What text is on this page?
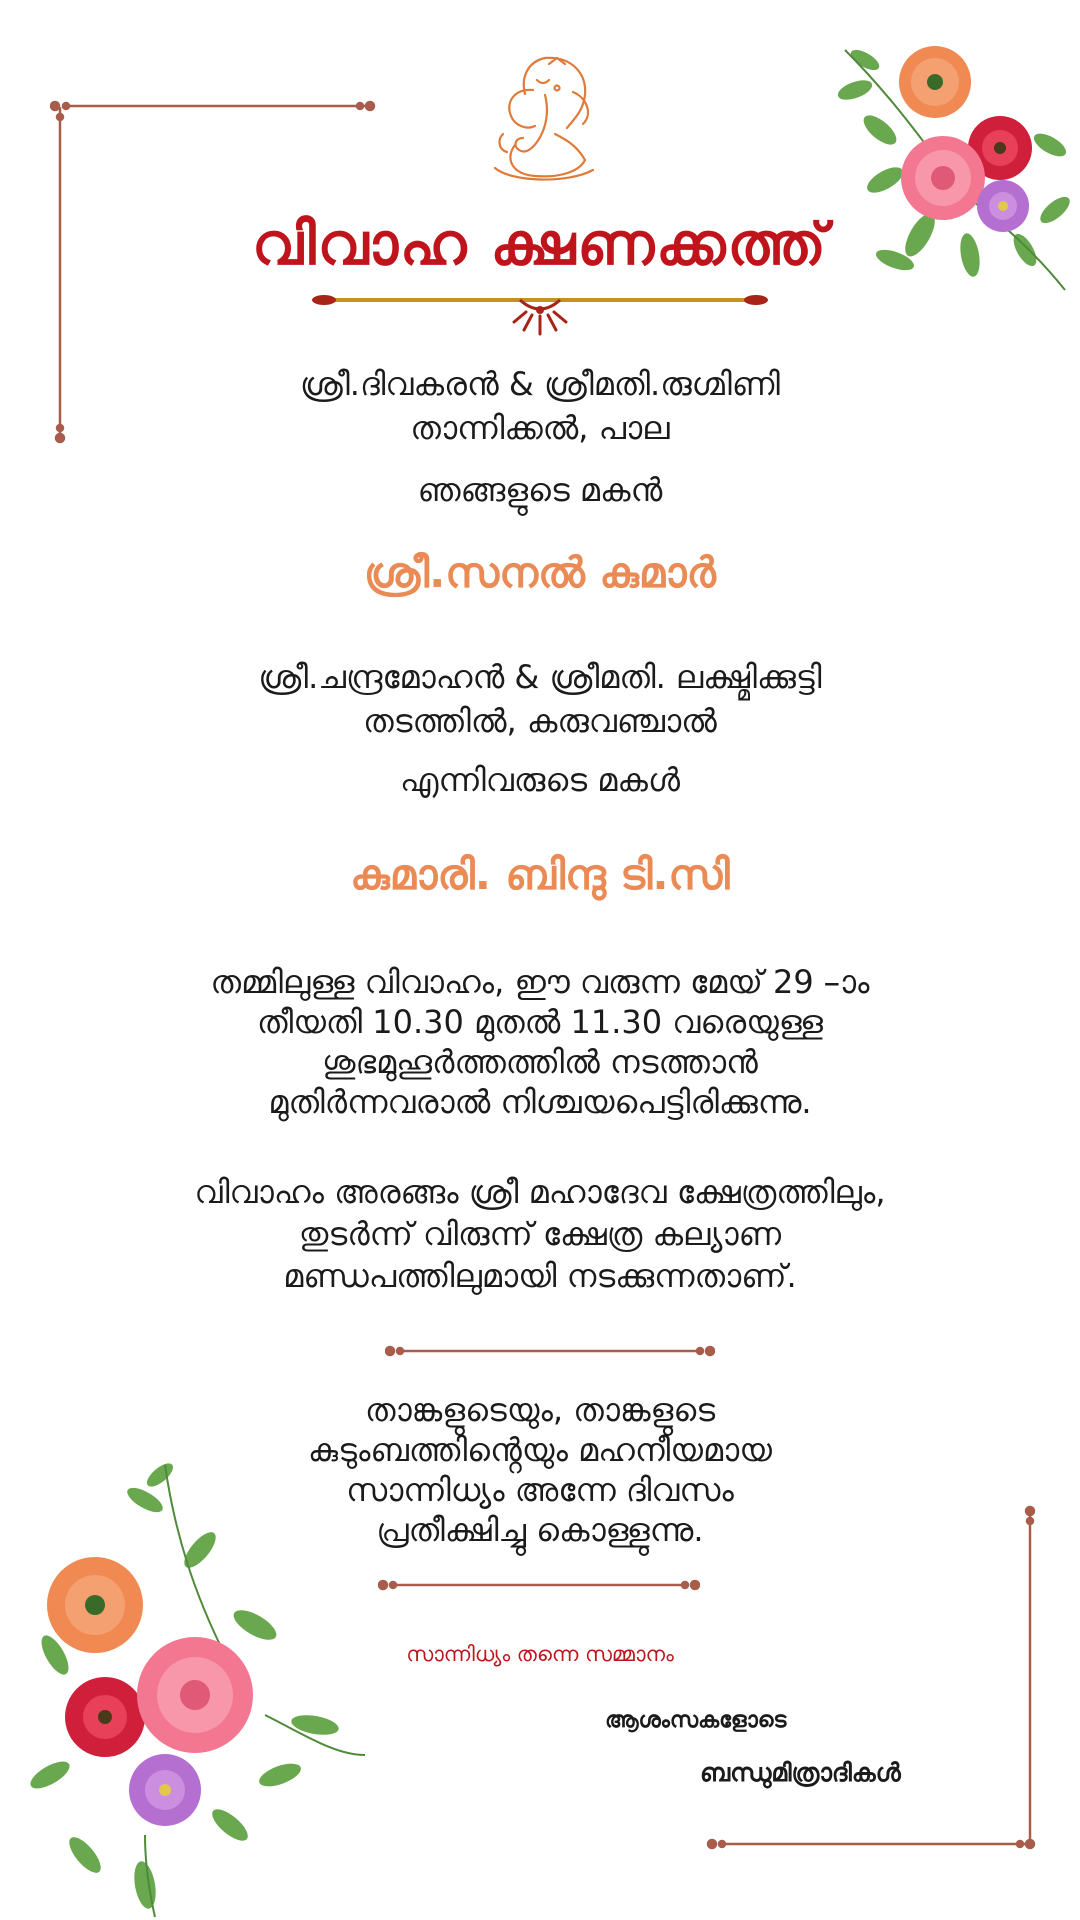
വിവാഹ ക്ഷണക്കത്ത്
ശ്രീ.ദിവകരൻ & ശ്രീമതി.രുഗ്മിണി
താന്നിക്കൽ, പാല
ഞങ്ങളുടെ മകൻ
ശ്രീ.സനൽ കുമാർ
ശ്രീ.ചന്ദ്രമോഹൻ & ശ്രീമതി. ലക്ഷ്മിക്കുട്ടി
തടത്തിൽ, കരുവഞ്ചാൽ
എന്നിവരുടെ മകൾ
കുമാരി. ബിന്ദു ടി.സി
തമ്മിലുള്ള വിവാഹം, ഈ വരുന്ന മേയ് 29 –ാം
തീയതി 10.30 മുതൽ 11.30 വരെയുള്ള
ശുഭമുഹൂർത്തത്തിൽ നടത്താൻ
മുതിർന്നവരാൽ നിശ്ചയപെട്ടിരിക്കുന്നു.
വിവാഹം അരങ്ങം ശ്രീ മഹാദേവ ക്ഷേത്രത്തിലും,
തുടർന്ന് വിരുന്ന് ക്ഷേത്ര കല്യാണ
മണ്ഡപത്തിലുമായി നടക്കുന്നതാണ്.
താങ്കളുടെയും, താങ്കളുടെ
കുടുംബത്തിൻ്റെയും മഹനീയമായ
സാന്നിധ്യം അന്നേ ദിവസം
പ്രതീക്ഷിച്ചു കൊള്ളുന്നു.
സാന്നിധ്യം തന്നെ സമ്മാനം
ആശംസകളോടെ
ബന്ധുമിത്രാദികൾ
